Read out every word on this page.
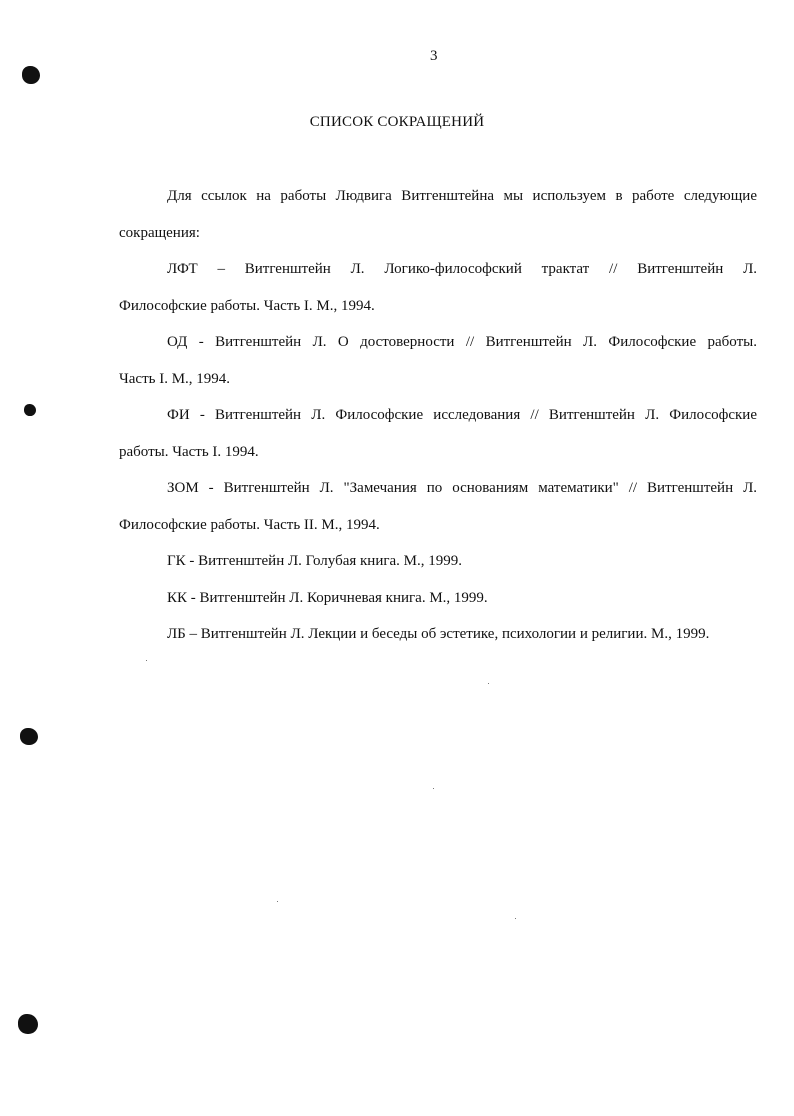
3
СПИСОК СОКРАЩЕНИЙ
Для ссылок на работы Людвига Витгенштейна мы используем в работе следующие
сокращения:

ЛФТ – Витгенштейн Л. Логико-философский трактат // Витгенштейн Л.
Философские работы. Часть I. М., 1994.

ОД - Витгенштейн Л. О достоверности // Витгенштейн Л. Философские работы.
Часть I. М., 1994.

ФИ - Витгенштейн Л. Философские исследования // Витгенштейн Л. Философские
работы. Часть I. 1994.

ЗОМ - Витгенштейн Л. "Замечания по основаниям математики" // Витгенштейн Л.
Философские работы. Часть II. М., 1994.

ГК - Витгенштейн Л. Голубая книга. М., 1999.

КК - Витгенштейн Л. Коричневая книга. М., 1999.

ЛБ – Витгенштейн Л. Лекции и беседы об эстетике, психологии и религии. М., 1999.
